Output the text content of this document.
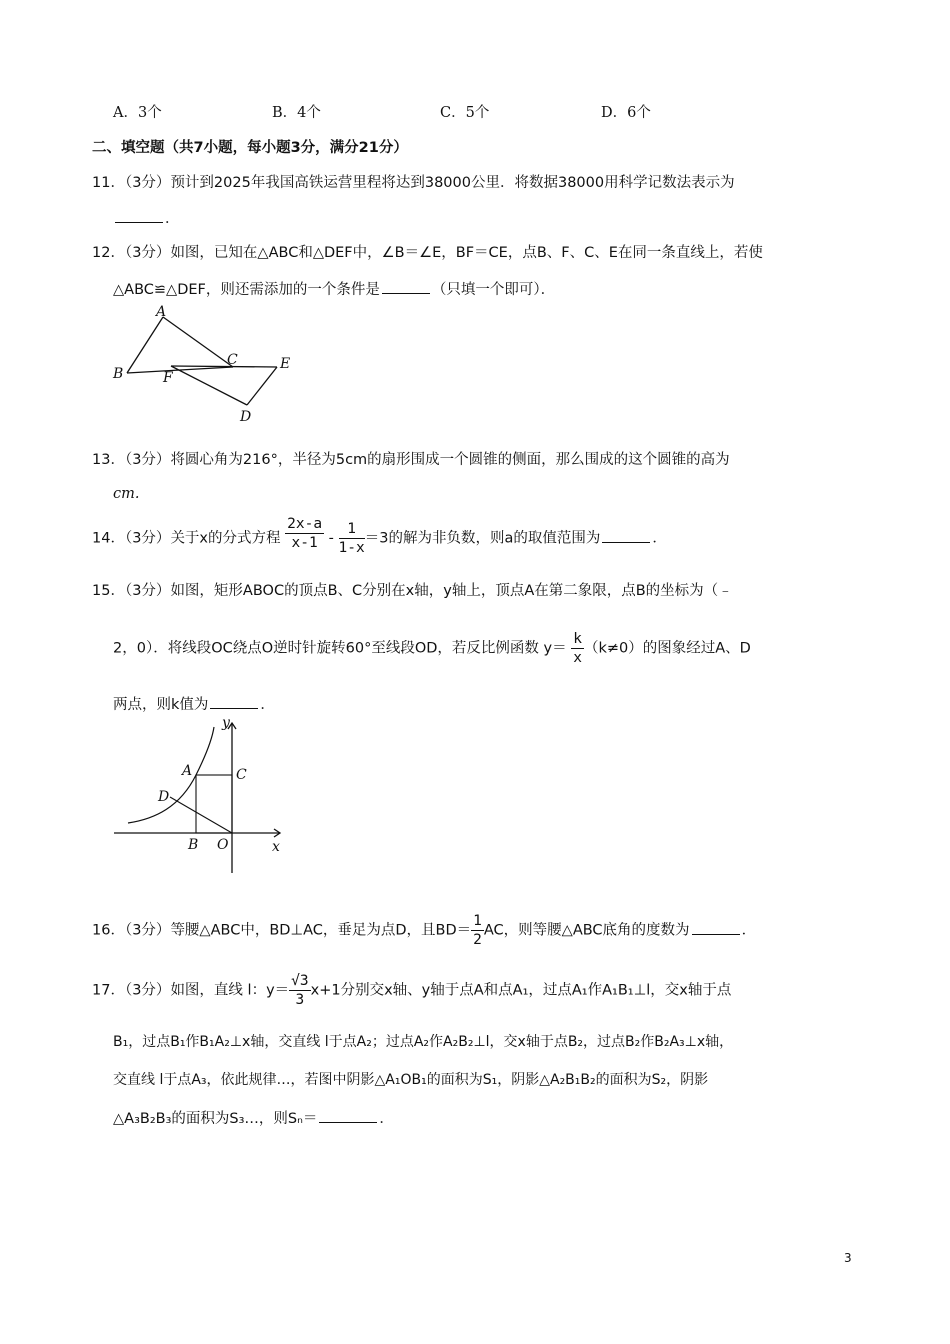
A．3个	B．4个	C．5个	D．6个
二、填空题（共7小题，每小题3分，满分21分）
11．（3分）预计到2025年我国高铁运营里程将达到38000公里．将数据38000用科学记数法表示为
．
12．（3分）如图，已知在△ABC和△DEF中，∠B＝∠E，BF＝CE，点B、F、C、E在同一条直线上，若使
△ABC≌△DEF，则还需添加的一个条件是	（只填一个即可）．
A
B	F
C	E
D
13．（3分）将圆心角为216°，半径为5cm的扇形围成一个圆锥的侧面，那么围成的这个圆锥的高为
cm.
14．（3分）关于x的分式方程 $\frac{2x-a}{x-1} - \frac{1}{1-x} =3$的解为非负数，则a的取值范围为	．
15．（3分）如图，矩形ABOC的顶点B、C分别在x轴，y轴上，顶点A在第二象限，点B的坐标为（﹣
2，0）．将线段OC绕点O逆时针旋转60°至线段OD，若反比例函数 $y= \frac{k}{x} (k\ne 0)$的图象经过A、D
两点，则k值为	．
y
A	C
D
B O	x
16．（3分）等腰△ABC中，BD⊥AC，垂足为点D，且$BD= \frac{1}{2}$ AC，则等腰△ABC底角的度数为	．
17．（3分）如图，直线 l：$y= \frac{√3}{3} x+1$分别交x轴、y轴于点A和点A₁，过点A₁作A₁B₁⊥l，交x轴于点
B₁，过点B₁作B₁A₂⊥x轴，交直线 l于点A₂；过点A₂作A₂B₂⊥l，交x轴于点B₂，过点B₂作B₂A₃⊥x轴，
交直线 l于点A₃，依此规律…，若图中阴影△A₁OB₁的面积为S₁，阴影△A₂B₁B₂的面积为S₂，阴影
△A₃B₂B₃的面积为S₃…，则Sₙ＝	．
3
